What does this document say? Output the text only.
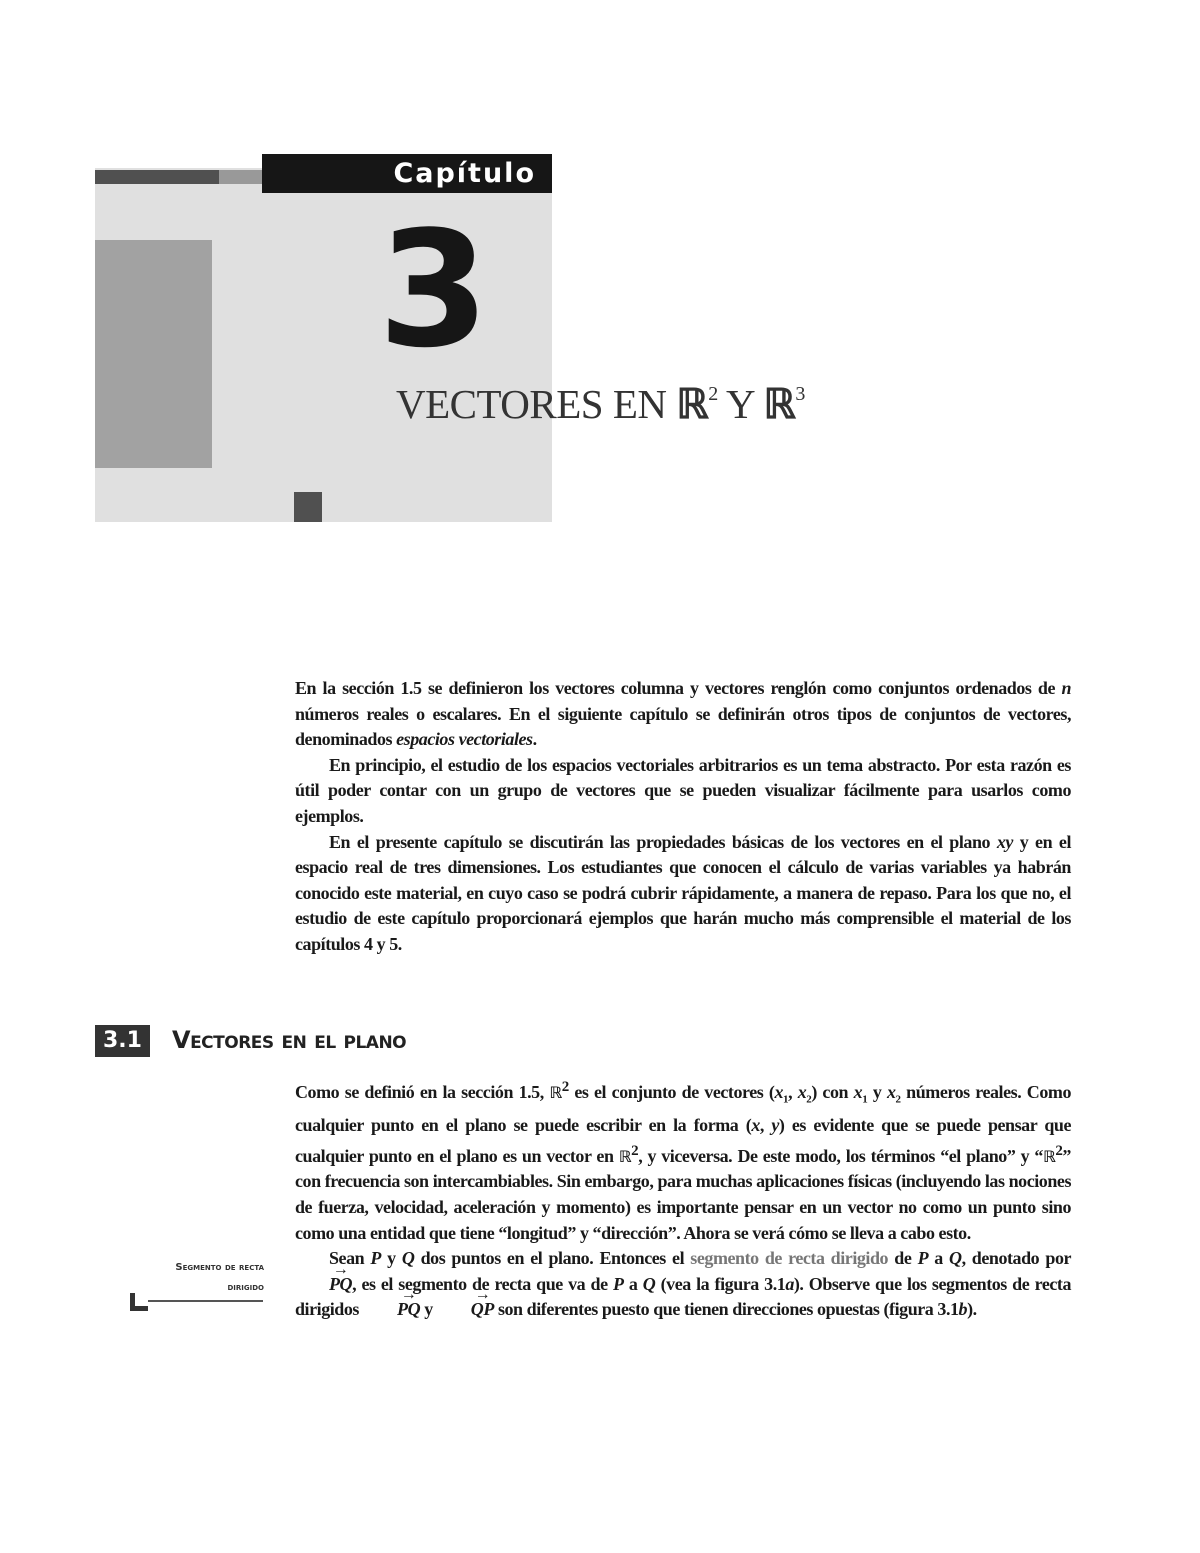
Capítulo
3
VECTORES EN ℝ$^2$ Y ℝ$^3$

En la sección 1.5 se definieron los vectores columna y vectores renglón como conjuntos ordenados de n números reales o escalares. En el siguiente capítulo se definirán otros tipos de conjuntos de vectores, denominados espacios vectoriales.

En principio, el estudio de los espacios vectoriales arbitrarios es un tema abstracto. Por esta razón es útil poder contar con un grupo de vectores que se pueden visualizar fácilmente para usarlos como ejemplos.

En el presente capítulo se discutirán las propiedades básicas de los vectores en el plano xy y en el espacio real de tres dimensiones. Los estudiantes que conocen el cálculo de varias variables ya habrán conocido este material, en cuyo caso se podrá cubrir rápidamente, a manera de repaso. Para los que no, el estudio de este capítulo proporcionará ejemplos que harán mucho más comprensible el material de los capítulos 4 y 5.

3.1	Vectores en el plano
Segmento de recta dirigido

Como se definió en la sección 1.5, ℝ$^2$ es el conjunto de vectores ($x_1$, $x_2$) con $x_1$ y $x_2$ números reales. Como cualquier punto en el plano se puede escribir en la forma (x, y) es evidente que se puede pensar que cualquier punto en el plano es un vector en ℝ$^2$, y viceversa. De este modo, los términos “el plano” y “ℝ$^2$” con frecuencia son intercambiables. Sin embargo, para muchas aplicaciones físicas (incluyendo las nociones de fuerza, velocidad, aceleración y momento) es importante pensar en un vector no como un punto sino como una entidad que tiene “longitud” y “dirección”. Ahora se verá cómo se lleva a cabo esto.

Sean P y Q dos puntos en el plano. Entonces el segmento de recta dirigido de P a Q, denotado por → PQ, es el segmento de recta que va de P a Q (vea la figura 3.1a). Observe que los segmentos de recta dirigidos → PQ y → QP son diferentes puesto que tienen direcciones opuestas (figura 3.1b).
